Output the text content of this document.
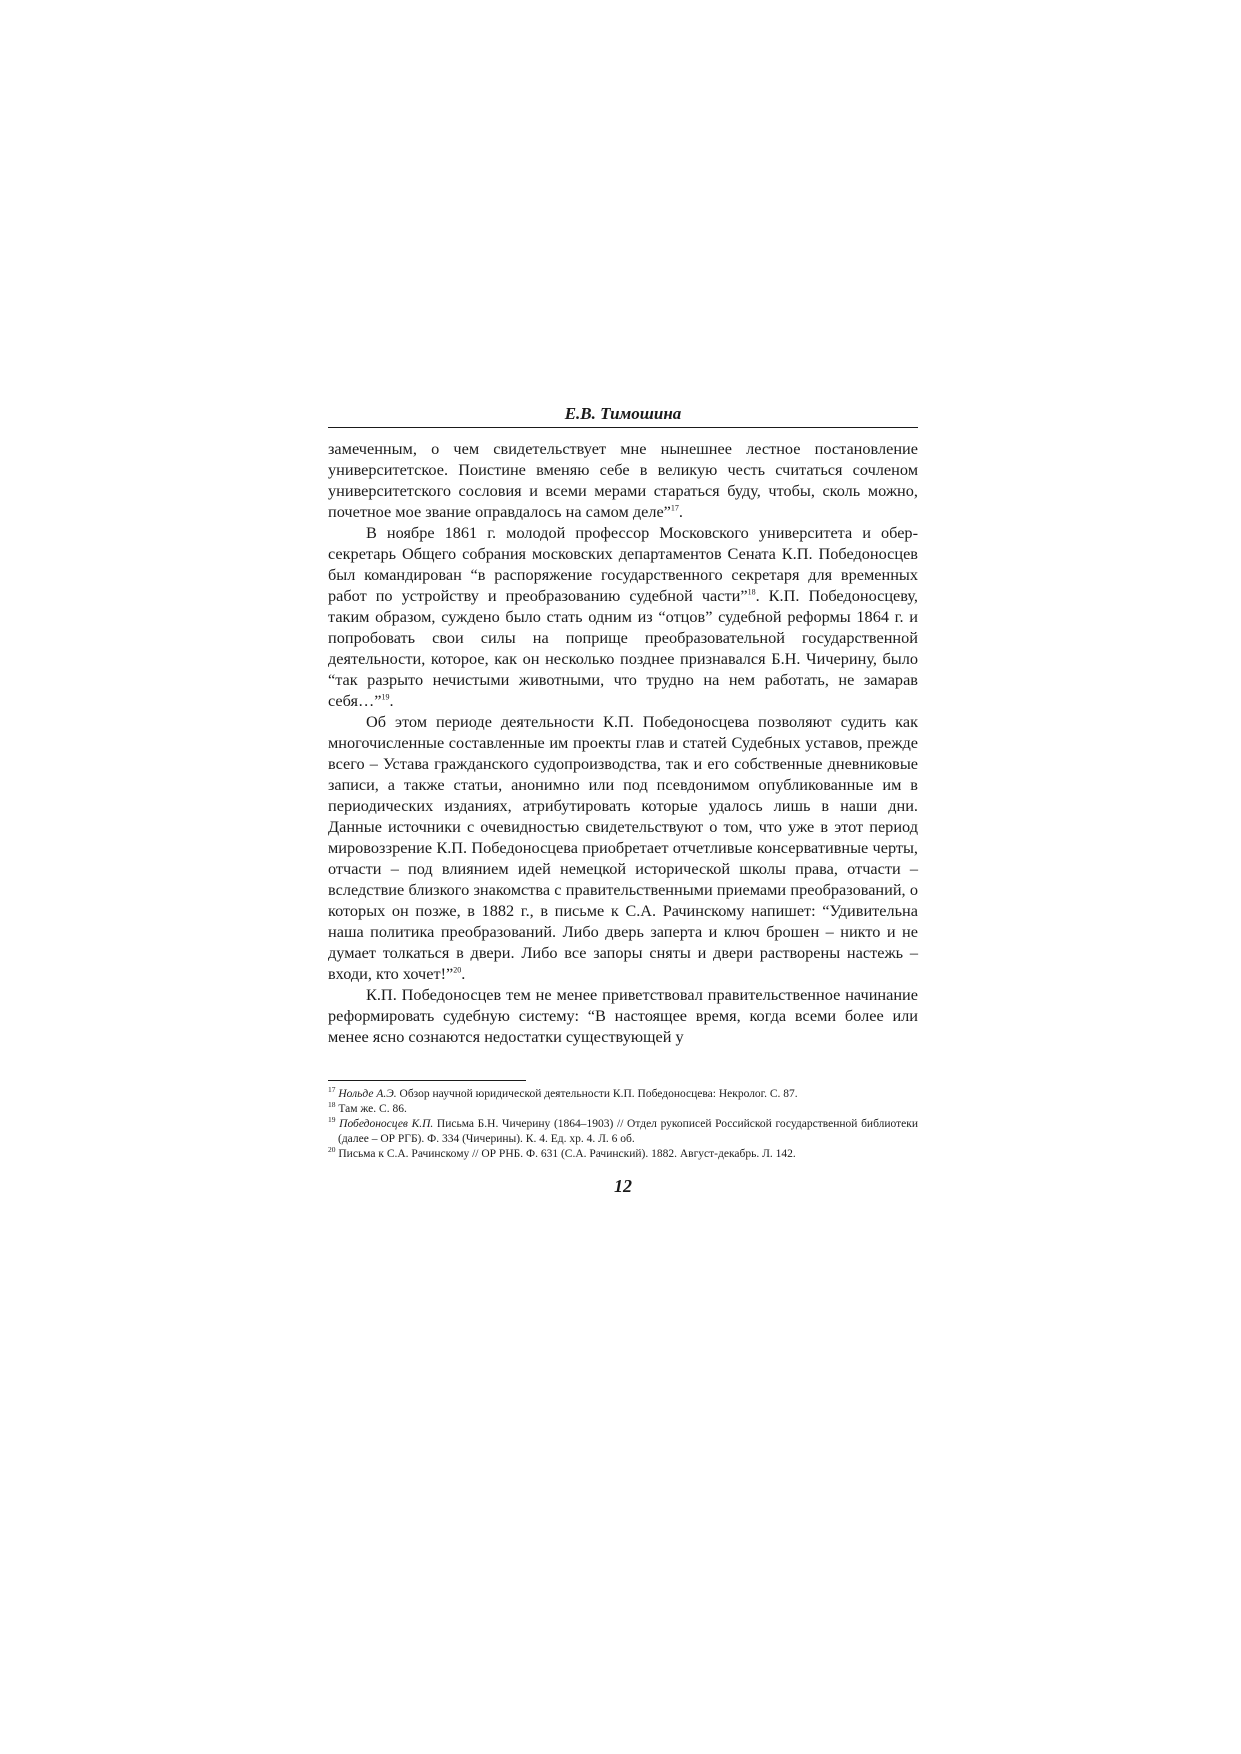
Е.В. Тимошина

замеченным, о чем свидетельствует мне нынешнее лестное постановление университетское. Поистине вменяю себе в великую честь считаться сочленом университетского сословия и всеми мерами стараться буду, чтобы, сколь можно, почетное мое звание оправдалось на самом деле”$^{17}$.

В ноябре 1861 г. молодой профессор Московского университета и обер-секретарь Общего собрания московских департаментов Сената К.П. Победоносцев был командирован “в распоряжение государственного секретаря для временных работ по устройству и преобразованию судебной части”$^{18}$. К.П. Победоносцеву, таким образом, суждено было стать одним из “отцов” судебной реформы 1864 г. и попробовать свои силы на поприще преобразовательной государственной деятельности, которое, как он несколько позднее признавался Б.Н. Чичерину, было “так разрыто нечистыми животными, что трудно на нем работать, не замарав себя…”$^{19}$.

Об этом периоде деятельности К.П. Победоносцева позволяют судить как многочисленные составленные им проекты глав и статей Судебных уставов, прежде всего – Устава гражданского судопроизводства, так и его собственные дневниковые записи, а также статьи, анонимно или под псевдонимом опубликованные им в периодических изданиях, атрибутировать которые удалось лишь в наши дни. Данные источники с очевидностью свидетельствуют о том, что уже в этот период мировоззрение К.П. Победоносцева приобретает отчетливые консервативные черты, отчасти – под влиянием идей немецкой исторической школы права, отчасти – вследствие близкого знакомства с правительственными приемами преобразований, о которых он позже, в 1882 г., в письме к С.А. Рачинскому напишет: “Удивительна наша политика преобразований. Либо дверь заперта и ключ брошен – никто и не думает толкаться в двери. Либо все запоры сняты и двери растворены настежь – входи, кто хочет!”$^{20}$.

К.П. Победоносцев тем не менее приветствовал правительственное начинание реформировать судебную систему: “В настоящее время, когда всеми более или менее ясно сознаются недостатки существующей у

$^{17}$ Нольде А.Э. Обзор научной юридической деятельности К.П. Победоносцева: Некролог. С. 87.
$^{18}$ Там же. С. 86.
$^{19}$ Победоносцев К.П. Письма Б.Н. Чичерину (1864–1903) // Отдел рукописей Российской государственной библиотеки (далее – ОР РГБ). Ф. 334 (Чичерины). К. 4. Ед. хр. 4. Л. 6 об.
$^{20}$ Письма к С.А. Рачинскому // ОР РНБ. Ф. 631 (С.А. Рачинский). 1882. Август-декабрь. Л. 142.
12
